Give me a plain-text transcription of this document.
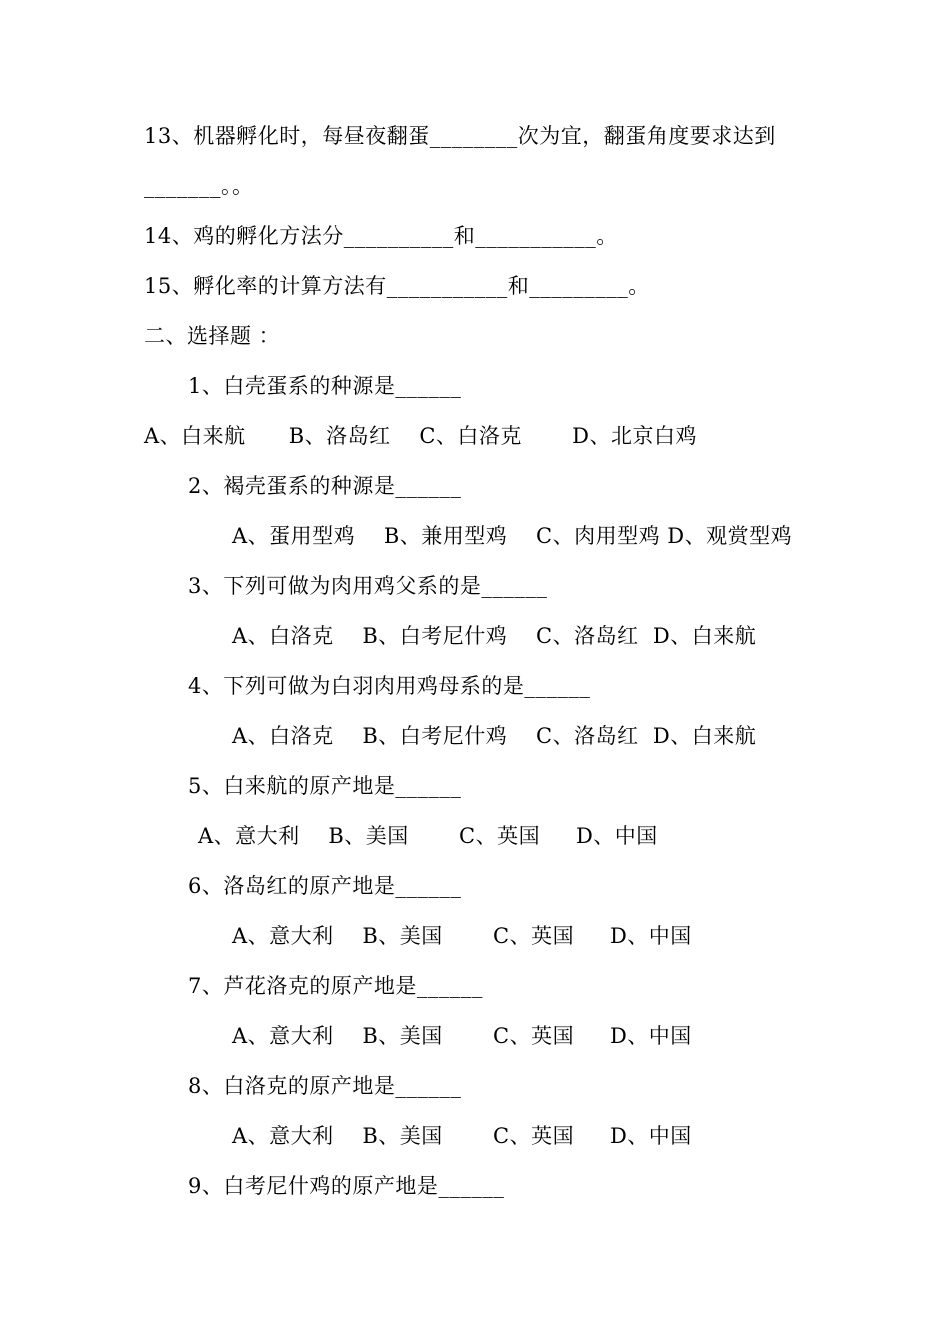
13、机器孵化时，每昼夜翻蛋________次为宜，翻蛋角度要求达到
_______。。
14、鸡的孵化方法分__________和___________。
15、孵化率的计算方法有___________和_________。
二、选择题 ：
1、白壳蛋系的种源是______
A、白来航      B、洛岛红    C、白洛克       D、北京白鸡
2、褐壳蛋系的种源是______
A、蛋用型鸡    B、兼用型鸡    C、肉用型鸡 D、观赏型鸡
3、下列可做为肉用鸡父系的是______
A、白洛克    B、白考尼什鸡    C、洛岛红  D、白来航
4、下列可做为白羽肉用鸡母系的是______
A、白洛克    B、白考尼什鸡    C、洛岛红  D、白来航
5、白来航的原产地是______
A、意大利    B、美国       C、英国     D、中国
6、洛岛红的原产地是______
A、意大利    B、美国       C、英国     D、中国
7、芦花洛克的原产地是______
A、意大利    B、美国       C、英国     D、中国
8、白洛克的原产地是______
A、意大利    B、美国       C、英国     D、中国
9、白考尼什鸡的原产地是______
